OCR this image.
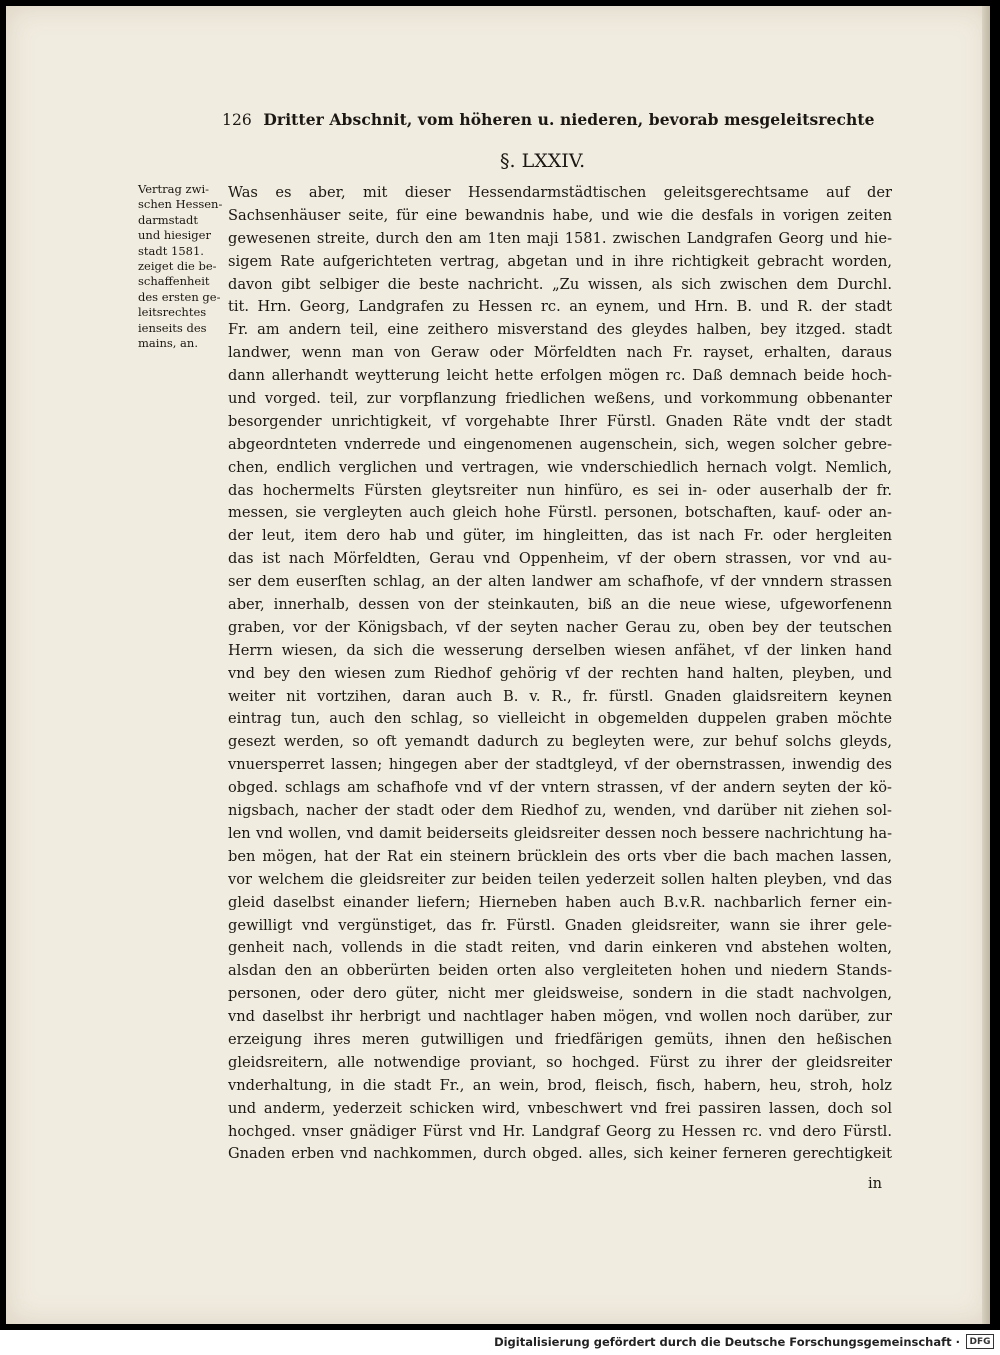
126 Dritter Abschnit, vom höheren u. niederen, bevorab mesgeleitsrechte
§. LXXIV.
Vertrag zwi-
schen Hessen-
darmstadt
und hiesiger
stadt 1581.
zeiget die be-
schaffenheit
des ersten ge-
leitsrechtes
ienseits des
mains, an.
Was es aber, mit dieser Hessendarmstädtischen geleitsgerechtsame auf der
Sachsenhäuser seite, für eine bewandnis habe, und wie die desfals in vorigen zeiten
gewesenen streite, durch den am 1ten maji 1581. zwischen Landgrafen Georg und hie-
sigem Rate aufgerichteten vertrag, abgetan und in ihre richtigkeit gebracht worden,
davon gibt selbiger die beste nachricht. „Zu wissen, als sich zwischen dem Durchl.
tit. Hrn. Georg, Landgrafen zu Hessen rc. an eynem, und Hrn. B. und R. der stadt
Fr. am andern teil, eine zeithero misverstand des gleydes halben, bey itzged. stadt
landwer, wenn man von Geraw oder Mörfeldten nach Fr. rayset, erhalten, daraus
dann allerhandt weytterung leicht hette erfolgen mögen rc. Daß demnach beide hoch-
und vorged. teil, zur vorpflanzung friedlichen weßens, und vorkommung obbenanter
besorgender unrichtigkeit, vf vorgehabte Ihrer Fürstl. Gnaden Räte vndt der stadt
abgeordnteten vnderrede und eingenomenen augenschein, sich, wegen solcher gebre-
chen, endlich verglichen und vertragen, wie vnderschiedlich hernach volgt. Nemlich,
das hochermelts Fürsten gleytsreiter nun hinfüro, es sei in- oder auserhalb der fr.
messen, sie vergleyten auch gleich hohe Fürstl. personen, botschaften, kauf- oder an-
der leut, item dero hab und güter, im hingleitten, das ist nach Fr. oder hergleiten
das ist nach Mörfeldten, Gerau vnd Oppenheim, vf der obern strassen, vor vnd au-
ser dem euserſten schlag, an der alten landwer am schafhofe, vf der vnndern strassen
aber, innerhalb, dessen von der steinkauten, biß an die neue wiese, ufgeworfenenn
graben, vor der Königsbach, vf der seyten nacher Gerau zu, oben bey der teutschen
Herrn wiesen, da sich die wesserung derselben wiesen anfähet, vf der linken hand
vnd bey den wiesen zum Riedhof gehörig vf der rechten hand halten, pleyben, und
weiter nit vortzihen, daran auch B. v. R., fr. fürstl. Gnaden glaidsreitern keynen
eintrag tun, auch den schlag, so vielleicht in obgemelden duppelen graben möchte
gesezt werden, so oft yemandt dadurch zu begleyten were, zur behuf solchs gleyds,
vnuersperret lassen; hingegen aber der stadtgleyd, vf der obernstrassen, inwendig des
obged. schlags am schafhofe vnd vf der vntern strassen, vf der andern seyten der kö-
nigsbach, nacher der stadt oder dem Riedhof zu, wenden, vnd darüber nit ziehen sol-
len vnd wollen, vnd damit beiderseits gleidsreiter dessen noch bessere nachrichtung ha-
ben mögen, hat der Rat ein steinern brücklein des orts vber die bach machen lassen,
vor welchem die gleidsreiter zur beiden teilen yederzeit sollen halten pleyben, vnd das
gleid daselbst einander liefern; Hierneben haben auch B.v.R. nachbarlich ferner ein-
gewilligt vnd vergünstiget, das fr. Fürstl. Gnaden gleidsreiter, wann sie ihrer gele-
genheit nach, vollends in die stadt reiten, vnd darin einkeren vnd abstehen wolten,
alsdan den an obberürten beiden orten also vergleiteten hohen und niedern Stands-
personen, oder dero güter, nicht mer gleidsweise, sondern in die stadt nachvolgen,
vnd daselbst ihr herbrigt und nachtlager haben mögen, vnd wollen noch darüber, zur
erzeigung ihres meren gutwilligen und friedfärigen gemüts, ihnen den heßischen
gleidsreitern, alle notwendige proviant, so hochged. Fürst zu ihrer der gleidsreiter
vnderhaltung, in die stadt Fr., an wein, brod, fleisch, fisch, habern, heu, stroh, holz
und anderm, yederzeit schicken wird, vnbeschwert vnd frei passiren lassen, doch sol
hochged. vnser gnädiger Fürst vnd Hr. Landgraf Georg zu Hessen rc. vnd dero Fürstl.
Gnaden erben vnd nachkommen, durch obged. alles, sich keiner ferneren gerechtigkeit
in
Digitalisierung gefördert durch die Deutsche Forschungsgemeinschaft ·	DFG
